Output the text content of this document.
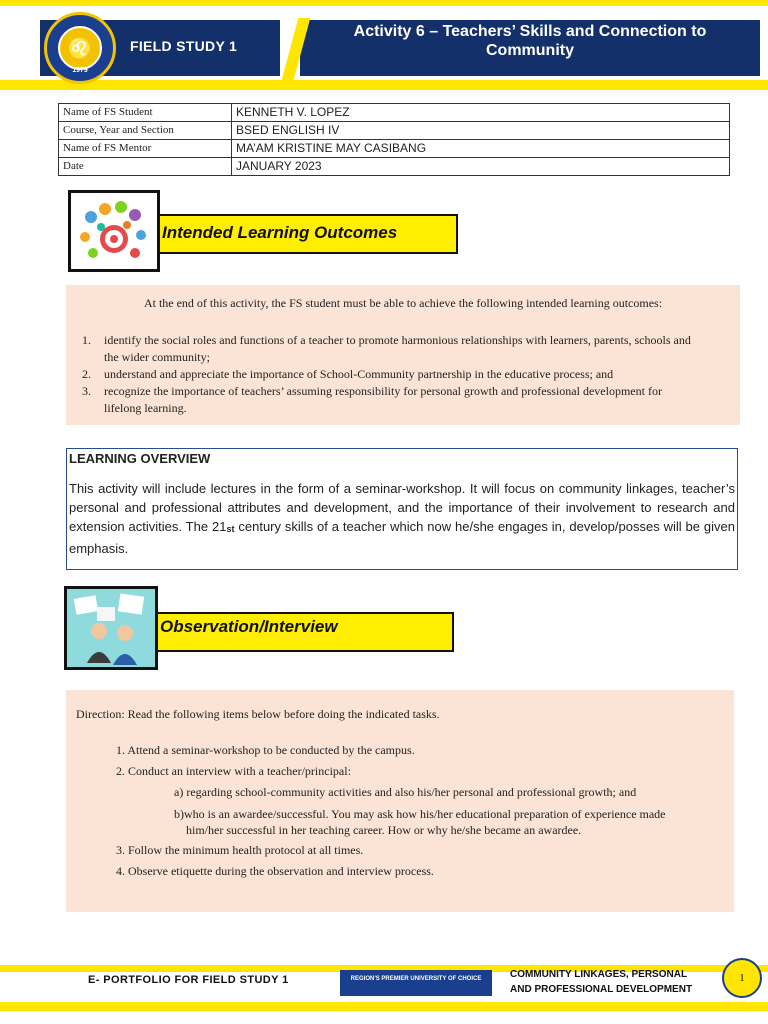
♌
1979
FIELD STUDY 1
Activity 6 – Teachers’ Skills and Connection to Community
Name of FS Student	KENNETH V. LOPEZ
Course, Year and Section	BSED ENGLISH IV
Name of FS Mentor	MA’AM KRISTINE MAY CASIBANG
Date	JANUARY 2023
Intended Learning Outcomes
At the end of this activity, the FS student must be able to achieve the following intended learning outcomes:
1. identify the social roles and functions of a teacher to promote harmonious relationships with learners, parents, schools and the wider community;
2. understand and appreciate the importance of School-Community partnership in the educative process; and
3. recognize the importance of teachers’ assuming responsibility for personal growth and professional development for lifelong learning.
LEARNING OVERVIEW
This activity will include lectures in the form of a seminar-workshop. It will focus on community linkages, teacher’s personal and professional attributes and development, and the importance of their involvement to research and extension activities. The $21_{st}$ century skills of a teacher which now he/she engages in, develop/posses will be given emphasis.
Observation/Interview
Direction: Read the following items below before doing the indicated tasks.
1. Attend a seminar-workshop to be conducted by the campus.
2. Conduct an interview with a teacher/principal:
a) regarding school-community activities and also his/her personal and professional growth; and
b)who is an awardee/successful. You may ask how his/her educational preparation of experience made
him/her successful in her teaching career. How or why he/she became an awardee.
3. Follow the minimum health protocol at all times.
4. Observe etiquette during the observation and interview process.
E- PORTFOLIO FOR FIELD STUDY 1	REGION'S PREMIER UNIVERSITY OF CHOICE	COMMUNITY LINKAGES, PERSONAL
AND PROFESSIONAL DEVELOPMENT
1
